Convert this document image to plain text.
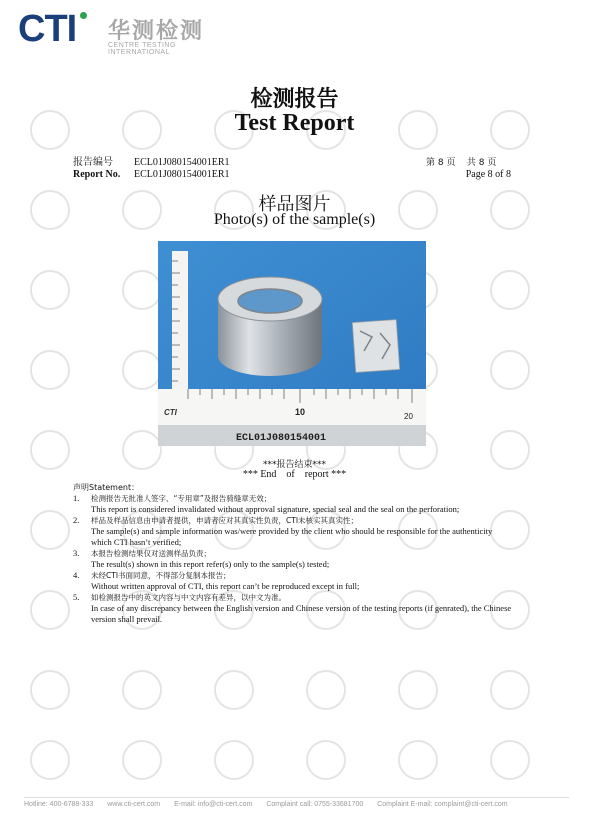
CTI 华测检测
CENTRE TESTING INTERNATIONAL
检测报告
Test Report
报告编号
Report No.
ECL01J080154001ER1
ECL01J080154001ER1
第 8 页    共 8 页
Page 8 of 8
样品图片
Photo(s) of the sample(s)
CTI	10	20
ECL01J080154001
***报告结束***
*** End    of    report ***
声明Statement：
1. 检测报告无批准人签字、“专用章”及报告骑缝章无效；
This report is considered invalidated without approval signature, special seal and the seal on the perforation;
2. 样品及样品信息由申请者提供，申请者应对其真实性负责，CTI未核实其真实性；
The sample(s) and sample information was/were provided by the client who should be responsible for the authenticity which CTI hasn’t verified;
3. 本报告检测结果仅对送测样品负责；
The result(s) shown in this report refer(s) only to the sample(s) tested;
4. 未经CTI书面同意，不得部分复制本报告；
Without written approval of CTI, this report can’t be reproduced except in full;
5. 如检测报告中的英文内容与中文内容有差异，以中文为准。
In case of any discrepancy between the English version and Chinese version of the testing reports (if genrated), the Chinese version shall prevail.
Hotline: 400-6788-333 www.cti-cert.com E-mail: info@cti-cert.com Complaint call: 0755-33681700 Complaint E-mail: complaint@cti-cert.com
